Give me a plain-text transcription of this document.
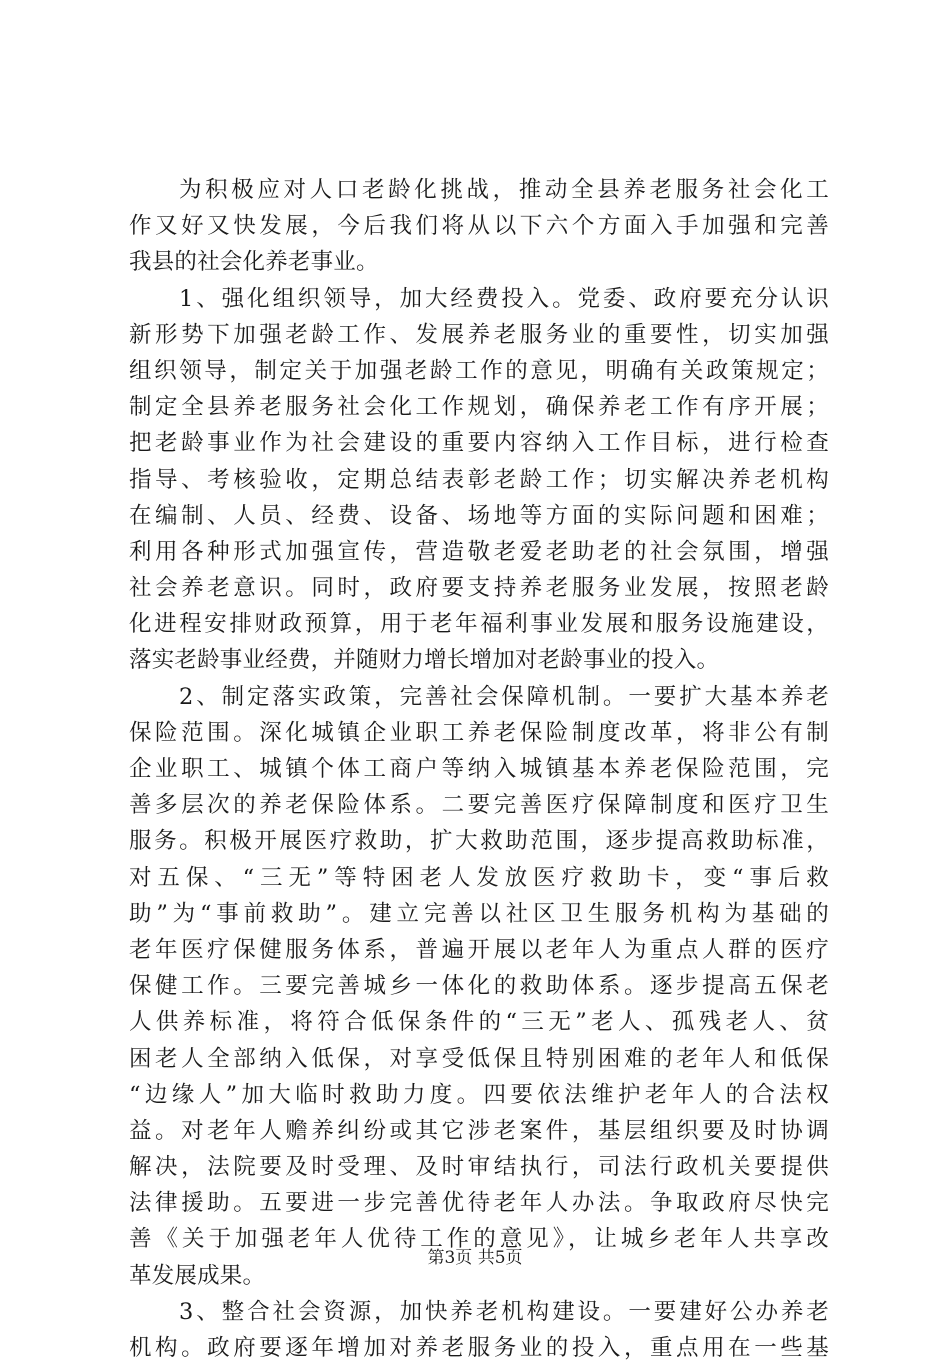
为积极应对人口老龄化挑战，推动全县养老服务社会化工
作又好又快发展，今后我们将从以下六个方面入手加强和完善
我县的社会化养老事业。
1、强化组织领导，加大经费投入。党委、政府要充分认识
新形势下加强老龄工作、发展养老服务业的重要性，切实加强
组织领导，制定关于加强老龄工作的意见，明确有关政策规定；
制定全县养老服务社会化工作规划，确保养老工作有序开展；
把老龄事业作为社会建设的重要内容纳入工作目标，进行检查
指导、考核验收，定期总结表彰老龄工作；切实解决养老机构
在编制、人员、经费、设备、场地等方面的实际问题和困难；
利用各种形式加强宣传，营造敬老爱老助老的社会氛围，增强
社会养老意识。同时，政府要支持养老服务业发展，按照老龄
化进程安排财政预算，用于老年福利事业发展和服务设施建设，
落实老龄事业经费，并随财力增长增加对老龄事业的投入。
2、制定落实政策，完善社会保障机制。一要扩大基本养老
保险范围。深化城镇企业职工养老保险制度改革，将非公有制
企业职工、城镇个体工商户等纳入城镇基本养老保险范围，完
善多层次的养老保险体系。二要完善医疗保障制度和医疗卫生
服务。积极开展医疗救助，扩大救助范围，逐步提高救助标准，
对五保、“三无”等特困老人发放医疗救助卡，变“事后救
助”为“事前救助”。建立完善以社区卫生服务机构为基础的
老年医疗保健服务体系，普遍开展以老年人为重点人群的医疗
保健工作。三要完善城乡一体化的救助体系。逐步提高五保老
人供养标准，将符合低保条件的“三无”老人、孤残老人、贫
困老人全部纳入低保，对享受低保且特别困难的老年人和低保
“边缘人”加大临时救助力度。四要依法维护老年人的合法权
益。对老年人赡养纠纷或其它涉老案件，基层组织要及时协调
解决，法院要及时受理、及时审结执行，司法行政机关要提供
法律援助。五要进一步完善优待老年人办法。争取政府尽快完
善《关于加强老年人优待工作的意见》，让城乡老年人共享改
革发展成果。
3、整合社会资源，加快养老机构建设。一要建好公办养老
机构。政府要逐年增加对养老服务业的投入，重点用在一些基
第3页 共5页
